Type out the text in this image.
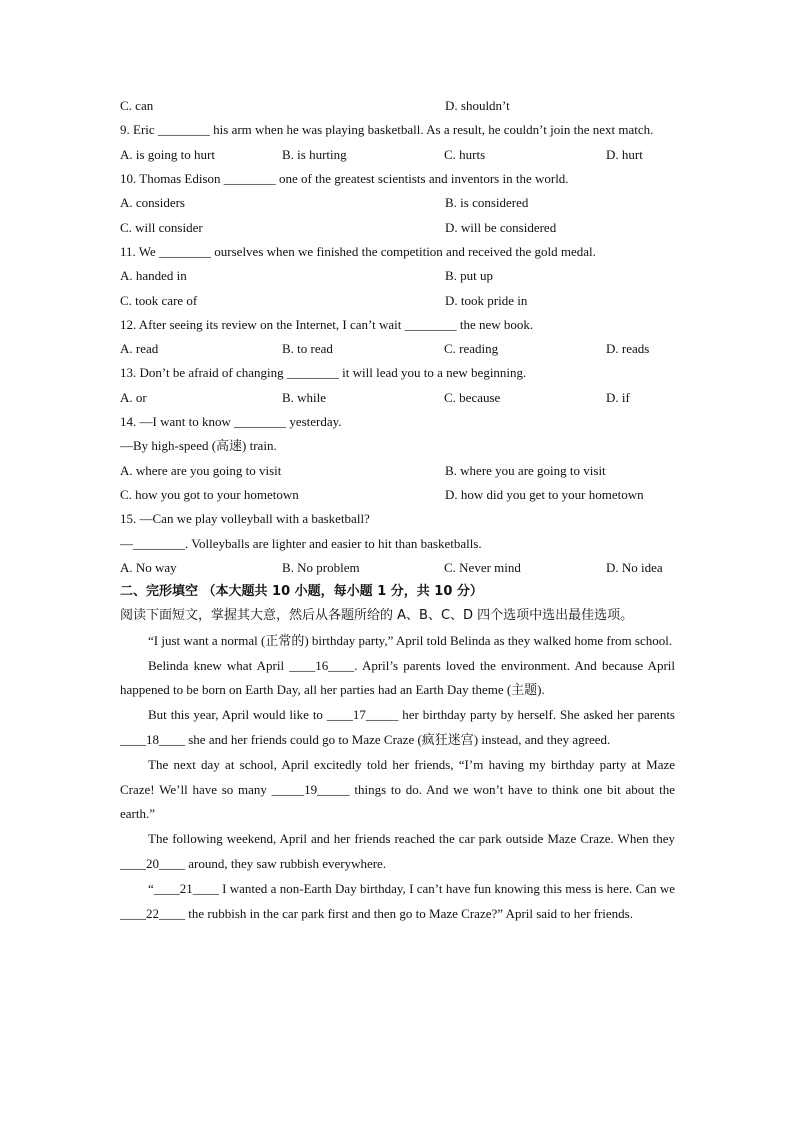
C. can	D. shouldn’t
9. Eric ________ his arm when he was playing basketball. As a result, he couldn’t join the next match.
A. is going to hurt	B. is hurting	C. hurts	D. hurt
10. Thomas Edison ________ one of the greatest scientists and inventors in the world.
A. considers	B. is considered
C. will consider	D. will be considered
11. We ________ ourselves when we finished the competition and received the gold medal.
A. handed in	B. put up
C. took care of	D. took pride in
12. After seeing its review on the Internet, I can’t wait ________ the new book.
A. read	B. to read	C. reading	D. reads
13. Don’t be afraid of changing ________ it will lead you to a new beginning.
A. or	B. while	C. because	D. if
14. —I want to know ________ yesterday.
—By high-speed (高速) train.
A. where are you going to visit	B. where you are going to visit
C. how you got to your hometown	D. how did you get to your hometown
15. —Can we play volleyball with a basketball?
—________. Volleyballs are lighter and easier to hit than basketballs.
A. No way	B. No problem	C. Never mind	D. No idea
二、完形填空 （本大题共 10 小题，每小题 1 分，共 10 分）
阅读下面短文，掌握其大意，然后从各题所给的 A、B、C、D 四个选项中选出最佳选项。

“I just want a normal (正常的) birthday party,” April told Belinda as they walked home from school.

Belinda knew what April ____16____. April’s parents loved the environment. And because April happened to be born on Earth Day, all her parties had an Earth Day theme (主题).

But this year, April would like to ____17_____ her birthday party by herself. She asked her parents ____18____ she and her friends could go to Maze Craze (疯狂迷宫) instead, and they agreed.

The next day at school, April excitedly told her friends, “I’m having my birthday party at Maze Craze! We’ll have so many _____19_____ things to do. And we won’t have to think one bit about the earth.”

The following weekend, April and her friends reached the car park outside Maze Craze. When they ____20____ around, they saw rubbish everywhere.

“____21____ I wanted a non-Earth Day birthday, I can’t have fun knowing this mess is here. Can we ____22____ the rubbish in the car park first and then go to Maze Craze?” April said to her friends.
